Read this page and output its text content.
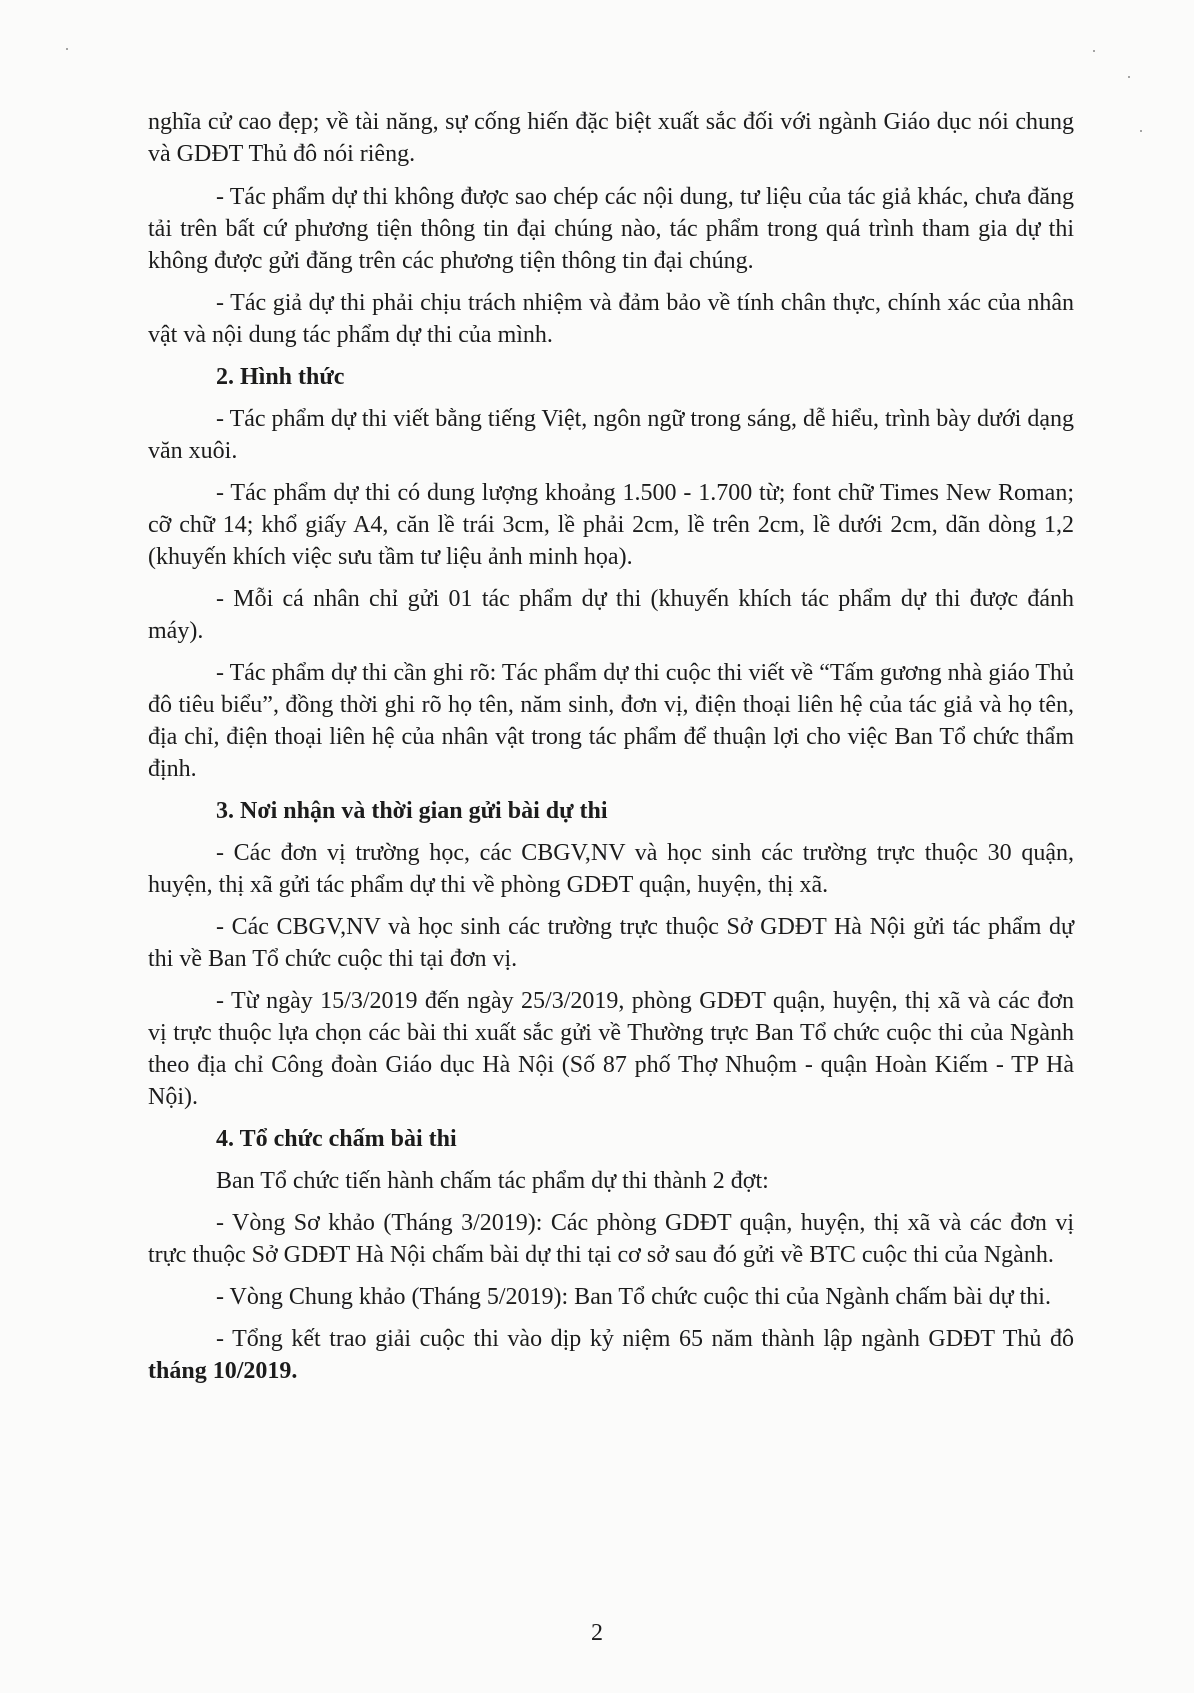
nghĩa cử cao đẹp; về tài năng, sự cống hiến đặc biệt xuất sắc đối với ngành Giáo dục nói chung và GDĐT Thủ đô nói riêng.

- Tác phẩm dự thi không được sao chép các nội dung, tư liệu của tác giả khác, chưa đăng tải trên bất cứ phương tiện thông tin đại chúng nào, tác phẩm trong quá trình tham gia dự thi không được gửi đăng trên các phương tiện thông tin đại chúng.

- Tác giả dự thi phải chịu trách nhiệm và đảm bảo về tính chân thực, chính xác của nhân vật và nội dung tác phẩm dự thi của mình.

2. Hình thức

- Tác phẩm dự thi viết bằng tiếng Việt, ngôn ngữ trong sáng, dễ hiểu, trình bày dưới dạng văn xuôi.

- Tác phẩm dự thi có dung lượng khoảng 1.500 - 1.700 từ; font chữ Times New Roman; cỡ chữ 14; khổ giấy A4, căn lề trái 3cm, lề phải 2cm, lề trên 2cm, lề dưới 2cm, dãn dòng 1,2 (khuyến khích việc sưu tầm tư liệu ảnh minh họa).

- Mỗi cá nhân chỉ gửi 01 tác phẩm dự thi (khuyến khích tác phẩm dự thi được đánh máy).

- Tác phẩm dự thi cần ghi rõ: Tác phẩm dự thi cuộc thi viết về “Tấm gương nhà giáo Thủ đô tiêu biểu”, đồng thời ghi rõ họ tên, năm sinh, đơn vị, điện thoại liên hệ của tác giả và họ tên, địa chỉ, điện thoại liên hệ của nhân vật trong tác phẩm để thuận lợi cho việc Ban Tổ chức thẩm định.

3. Nơi nhận và thời gian gửi bài dự thi

- Các đơn vị trường học, các CBGV,NV và học sinh các trường trực thuộc 30 quận, huyện, thị xã gửi tác phẩm dự thi về phòng GDĐT quận, huyện, thị xã.

- Các CBGV,NV và học sinh các trường trực thuộc Sở GDĐT Hà Nội gửi tác phẩm dự thi về Ban Tổ chức cuộc thi tại đơn vị.

- Từ ngày 15/3/2019 đến ngày 25/3/2019, phòng GDĐT quận, huyện, thị xã và các đơn vị trực thuộc lựa chọn các bài thi xuất sắc gửi về Thường trực Ban Tổ chức cuộc thi của Ngành theo địa chỉ Công đoàn Giáo dục Hà Nội (Số 87 phố Thợ Nhuộm - quận Hoàn Kiếm - TP Hà Nội).

4. Tổ chức chấm bài thi

Ban Tổ chức tiến hành chấm tác phẩm dự thi thành 2 đợt:

- Vòng Sơ khảo (Tháng 3/2019): Các phòng GDĐT quận, huyện, thị xã và các đơn vị trực thuộc Sở GDĐT Hà Nội chấm bài dự thi tại cơ sở sau đó gửi về BTC cuộc thi của Ngành.

- Vòng Chung khảo (Tháng 5/2019): Ban Tổ chức cuộc thi của Ngành chấm bài dự thi.

- Tổng kết trao giải cuộc thi vào dịp kỷ niệm 65 năm thành lập ngành GDĐT Thủ đô tháng 10/2019.

2
